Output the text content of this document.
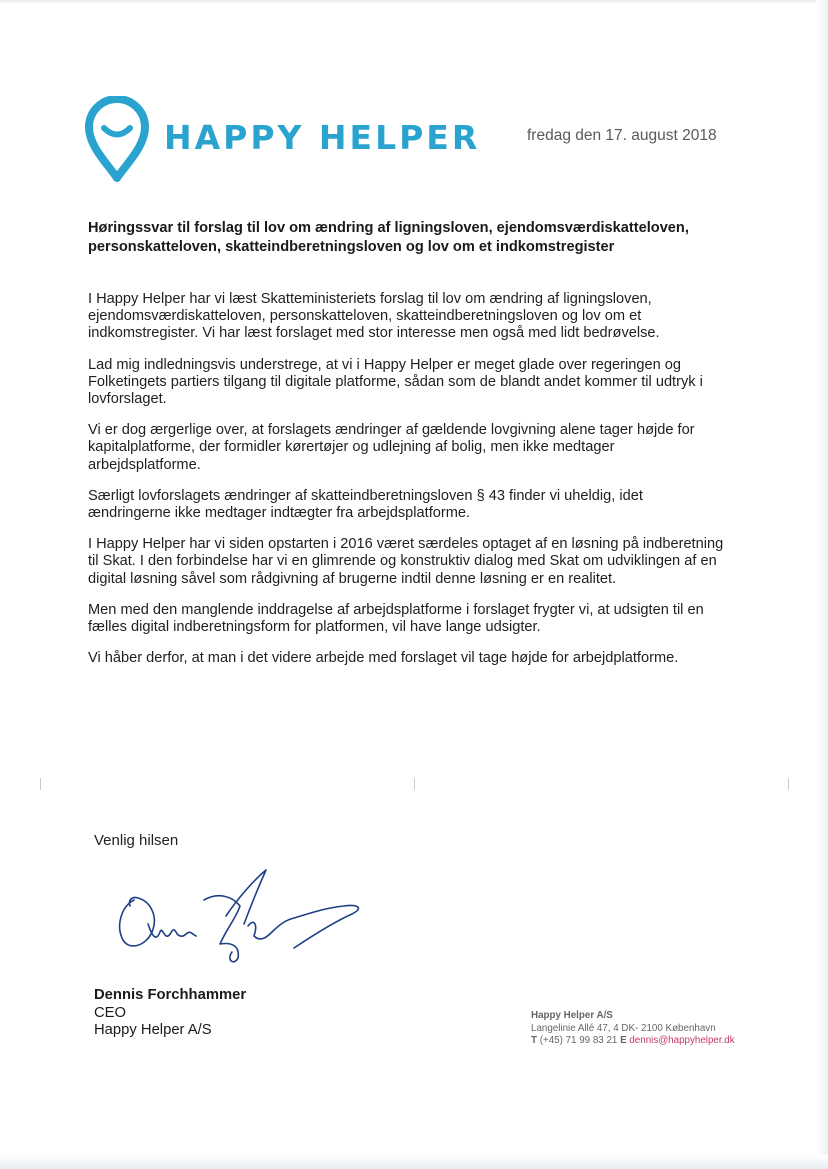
HAPPY HELPER	fredag den 17. august 2018
Høringssvar til forslag til lov om ændring af ligningsloven, ejendomsværdiskatteloven, personskatteloven, skatteindberetningsloven og lov om et indkomstregister

I Happy Helper har vi læst Skatteministeriets forslag til lov om ændring af ligningsloven, ejendomsværdiskatteloven, personskatteloven, skatteindberetningsloven og lov om et indkomstregister. Vi har læst forslaget med stor interesse men også med lidt bedrøvelse.

Lad mig indledningsvis understrege, at vi i Happy Helper er meget glade over regeringen og Folketingets partiers tilgang til digitale platforme, sådan som de blandt andet kommer til udtryk i lovforslaget.

Vi er dog ærgerlige over, at forslagets ændringer af gældende lovgivning alene tager højde for kapitalplatforme, der formidler kørertøjer og udlejning af bolig, men ikke medtager arbejdsplatforme.

Særligt lovforslagets ændringer af skatteindberetningsloven § 43 finder vi uheldig, idet ændringerne ikke medtager indtægter fra arbejdsplatforme.

I Happy Helper har vi siden opstarten i 2016 været særdeles optaget af en løsning på indberetning til Skat. I den forbindelse har vi en glimrende og konstruktiv dialog med Skat om udviklingen af en digital løsning såvel som rådgivning af brugerne indtil denne løsning er en realitet.

Men med den manglende inddragelse af arbejdsplatforme i forslaget frygter vi, at udsigten til en fælles digital indberetningsform for platformen, vil have lange udsigter.

Vi håber derfor, at man i det videre arbejde med forslaget vil tage højde for arbejdplatforme.

Venlig hilsen
Dennis Forchhammer
CEO
Happy Helper A/S
Happy Helper A/S
Langelinie Allé 47, 4 DK- 2100 København
T (+45) 71 99 83 21 E dennis@happyhelper.dk
